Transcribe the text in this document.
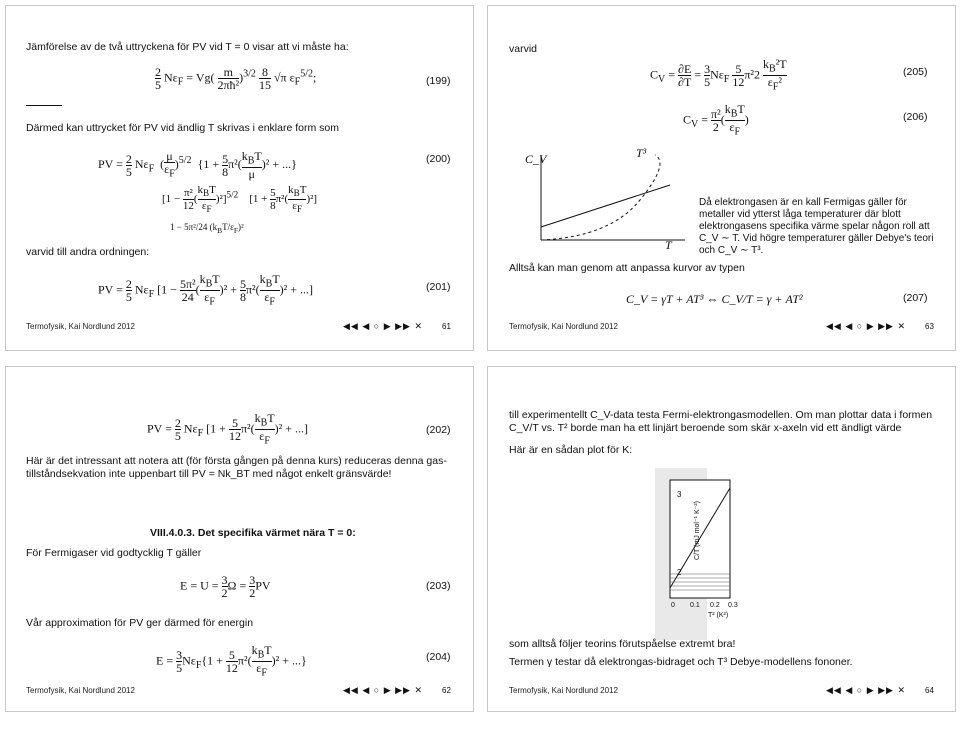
Jämförelse av de två uttryckena för PV vid T = 0 visar att vi måste ha:
$\frac{2}{5} N\varepsilon_F = Vg( \frac{m}{\text{2πħ²}} )^{3/2} \frac{8}{15} √\pi$ $\varepsilon_F^{5/2}$;	(199)
Därmed kan uttrycket för PV vid ändlig T skrivas i enklare form som
PV = $\frac{2}{5} N\varepsilon_F$  ( $\frac{\mu}{\varepsilon_F} )^{5/2}$  {$1 + \frac{5}{8} \pi^2( \frac{k_BT}{\mu} )^2$ + ...}
[$1 - \frac{\text{π²}}{12}$ ( $\frac{k_BT}{\varepsilon_F} )^2]^{5/2}$    $[1 + \frac{5}{8} \pi^2( \frac{k_BT}{\varepsilon_F} )^2]$
1 − 5π²/24 $(k_BT/\varepsilon_F)^2$
(200)
varvid till andra ordningen:
PV = $\frac{2}{5} N\varepsilon_F$ [$1 - \frac{\text{5π²}}{24}$ ( $\frac{k_BT}{\varepsilon_F} )^2 + \frac{5}{8} \pi^2( \frac{k_BT}{\varepsilon_F} )^2$ + ...]	(201)
Termofysik, Kai Nordlund 2012	◀◀ ◀ ○ ▶ ▶▶ ✕ 61
varvid
$C_V = \frac{\partial E}{\partial T} = \frac{3}{5} N\varepsilon_F \frac{5}{12} \pi^22 \frac{k_B^2T}{\varepsilon_F^2}$	(205)
$C_V = \frac{\text{π²}}{2}$ ( $\frac{k_BT}{\varepsilon_F}$ )	(206)
C_V	T³
T
Då elektrongasen är en kall Fermigas gäller för metaller vid ytterst låga temperaturer där blott elektrongasens specifika värme spelar någon roll att C_V ∼ T. Vid högre temperaturer gäller Debye's teori och C_V ∼ T³.
Alltså kan man genom att anpassa kurvor av typen
C_V = γT + AT³ ⇔ C_V/T = γ + AT²	(207)
Termofysik, Kai Nordlund 2012	◀◀ ◀ ○ ▶ ▶▶ ✕ 63
PV = $\frac{2}{5} N\varepsilon_F$ [$1 + \frac{5}{12} \pi^2( \frac{k_BT}{\varepsilon_F} )^2$ + ...]	(202)
Här är det intressant att notera att (för första gången på denna kurs) reduceras denna gas-tillståndsekvation inte uppenbart till PV = Nk_BT med något enkelt gränsvärde!
VIII.4.0.3. Det specifika värmet nära T = 0:
För Fermigaser vid godtycklig T gäller
$E = U = \frac{3}{2}$ $\Omega = \frac{3}{2}$ PV	(203)
Vår approximation för PV ger därmed för energin
$E = \frac{3}{5} N\varepsilon_F\{1 + \frac{5}{12} \pi^2( \frac{k_BT}{\varepsilon_F} )^2$ + ...}	(204)
Termofysik, Kai Nordlund 2012	◀◀ ◀ ○ ▶ ▶▶ ✕ 62
till experimentellt C_V-data testa Fermi-elektrongasmodellen. Om man plottar data i formen C_V/T vs. T² borde man ha ett linjärt beroende som skär x-axeln vid ett ändligt värde
Här är en sådan plot för K:
3
2
C/T (mJ mol⁻¹ K⁻²)
0 0.1 0.2 0.3
T² (K²)
som alltså följer teorins förutspåelse extremt bra!
Termen γ testar då elektrongas-bidraget och T³ Debye-modellens fononer.
Termofysik, Kai Nordlund 2012	◀◀ ◀ ○ ▶ ▶▶ ✕ 64
